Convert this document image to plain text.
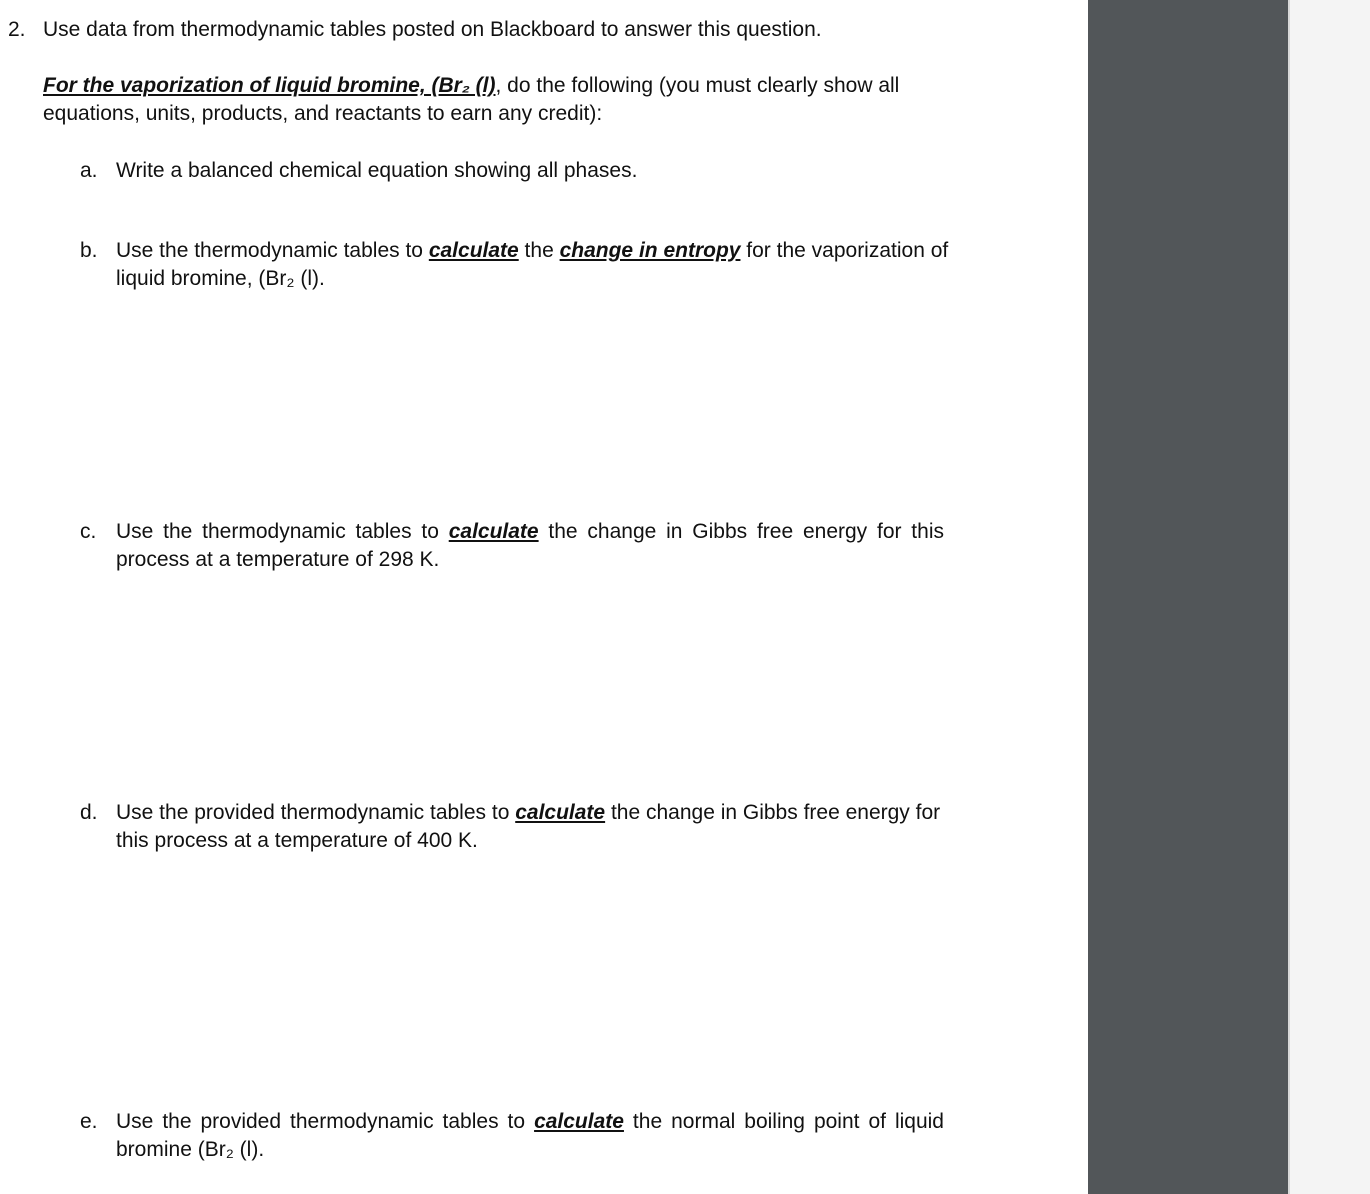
2. Use data from thermodynamic tables posted on Blackboard to answer this question.
For the vaporization of liquid bromine, (Br₂ (l), do the following (you must clearly show all
equations, units, products, and reactants to earn any credit):
a. Write a balanced chemical equation showing all phases.
b. Use the thermodynamic tables to calculate the change in entropy for the vaporization of
liquid bromine, (Br₂ (l).
c. Use the thermodynamic tables to calculate the change in Gibbs free energy for this
process at a temperature of 298 K.
d. Use the provided thermodynamic tables to calculate the change in Gibbs free energy for
this process at a temperature of 400 K.
e. Use the provided thermodynamic tables to calculate the normal boiling point of liquid
bromine (Br₂ (l).
